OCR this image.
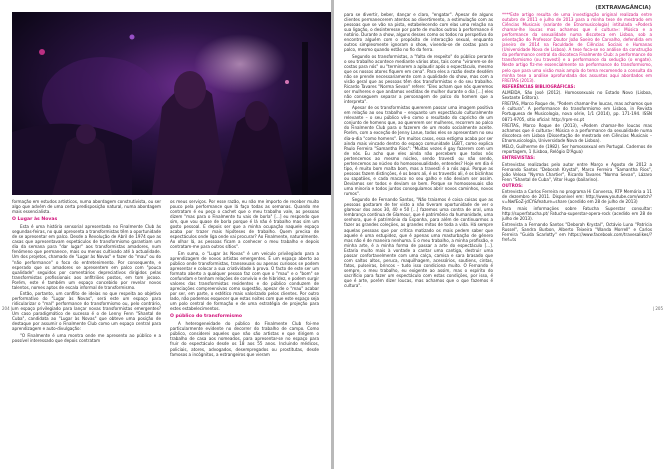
formação em estudos artísticos, numa abordagem construtivista, ou ser algo que advém de uma certa predisposição natural, numa abordagem mais essencialista.

O Lugar às Novas

Esta é uma história sensorial apresentada no Finalmente Club às segundas-feiras, no qual apresenta a transformistas têm a oportunidade de se apresentar em palco. Desde a Revolução de Abril de 1974 que as casas que apresentavam espetáculos de transformismo garantiam um dia da semana para "dar lugar" aos transformistas amadores, num fenómeno que permanece, mais ou menos cultivado até à actualidade. Um dos projetos, chamado de "Lugar às Novas" e fazer do "mau" ou do "não performance" o foco do entretenimento. Por consequente, e esperado que os amadores se apresentem em palco com "pouca qualidade" seguidos por comentários depreciativos dirigidos pelas transformistas profissionais aos anfitriões postos, em tom jocoso. Porém, este é também um espaço concebido por revelar novos talentos, nomes aptos de escala informal de transformismo.

Então, portanto, um conflito de ideias no que respeita ao objetivo performativo do "Lugar às Novas", será este um espaço para ridicularizar o "mal" performance do transformismo ou, pelo contrário, um espaço privilegiado para lançar novas transformistas emergentes? Um caso paradigmático de sucesso é o de Lenny Fenn "Shantal de Cuba", candidata ao "Lugar às Novas" que obteve uma posição de destaque por assumir o Finalmente Club como um espaço central para aprendizagem e auto-divulgação:

"O Finalmente é uma montra onde me apresento ao público e a possível interessado que depois contratam

os meus serviços. Por esse razão, eu não me importo de receber muito pouco pela performance que lá faço todas as semanas. Quando me contratam é eu peço o cachet que o meu trabalho vale, as pessoas dizem "mas para o Finalmente tu vais de borla" [...] eu respondo que sim, que vou quase de borla porque é lá não é trabalho mas sim um gosto pessoal. E depois ser que a minha ocupação naquele espaço acaba por trazer mais hipóteses de trabalho. Quem precisa de espectáculos onde liga onde vai procurar? Ao Finalmente, naturalmente. Ao olhar lá, as pessoas ficam a conhecer o meu trabalho e depois contratam-me para outros sítios".

Em suma, o "Lugar às Novas" é um veículo privilegiado para a aprendizagem de novos artistas emergentes. É um espaço aberto ao público onde transformistas, transexuais ou apenas curiosos se podem apresentar e colocar a sua criatividade à prova. O facto de este ser um formato aberto a qualquer pessoa faz com que o "mau" e o "bom" se confundam e tenham relações de convívio e de hibridez, e podem surgir valores das transformistas residentes e do público conduzem de apreciações compreensivas como sugestão, apesar de o "mau" acabar por ser, em parte, o estético mais valorizado pelos clientes. Por outro lado, não podemos esquecer que estas noites com que este espaço seja um polo central de formação e de uma estratégia de projeção para estes estabelecimentos.

O público do transformismo

A heterogeneidade do público do Finalmente Club foi-me particularmente evidente no decorrer do trabalho de campo. Como público, considerei aqueles que não são artistas e que dirigem o trabalho de casa aos nomeados, para apresentar-se no espaço para fruir do espectáculo desde os 18 aos 55 anos. Incluindo médicos, policiais, atores, advogados, desempregados ou prostitutas, desde famosos a incógnitos, a estrangeiros que vieram

204 |
(EXTRAVAGÂNCIA)

para se divertir, beber, dançar e claro, "engatar". Apesar de alguns clientes permanecerem atentos ao divertimento, a estimulação com as pessoas que se vão na pista, estabelecendo com elas uma relação na sua ligação, o desinteresse por parte de muitos outros à performance é notório. Durante a show, alguns desses como os todos na perspetiva do encontro alguém com o propósito de interacção sexual, enquanto outros simplesmente ignoram o show, vivendo-se de costas para o palco, mesmo quando estão no fio da ferra.

Segundo os transformistas, a "falta de respeito" do público perante o seu trabalho acontece mediante vários atos, tais como "virarem-se de costas para nós" ou "terminarem a aplaudir após o espectáculo, mesmo que os nossos atores fiquem em cena". Para eles a razão deste desdém não se prende necessariamente com a qualidade do show, mas com a visão geral que as pessoas têm dos transformistas e do seu trabalho. Ricardo Tavares "Norma Sevan" refere: "Eles acham que nós queremos ser mulheres e que andamos vestidas de mulher durante o dia [...] eles não conseguem separar a personagem de palco do homem que a interpreta".

Apesar de os transformistas quererem passar uma imagem positiva em relação ao seu trabalho – enquanto um espectáculo culturalmente relevante – o seu público vê-o como o resultado do capricho de um conjunto de homens que, ao quererem ser mulheres, recorrem ao palco do Finalmente Club para o fazerem de um modo socialmente aceite. Porém, com a exceção de Jenny Larue, todos eles se apresentam no seu dia-a-dia "como homens". Em muitos casos, essa estigma acaba por ser ainda mais vincado dentro do espaço comunidade LGBT, como explica Paulo Ferreira "Samantha Rios": "Muitas vezes é gay fazerem com um de nós. Eu acho que eles ainda não percebem que todos nós pertencemos ao mesmo núcleo, sendo travesti ou não sendo, pertencemos ao núcleo do homossexualidade, entendes? Hoje em dia é tipo, é muito bom malta bom, mas a travesti é a nós aqui. Porque as pessoas fazem distinções, é os bears ali, é os travestis ali, é os biclinhas ou sapatões, e cada macaco no seu galho e não deviam ser assim. Devíamos ser todos e deviam se bem. Porque se homossexuais são uma minoria e todos juntos conseguíamos abrir novos caminhos, novos rumos".

Segundo de Fernando Santos, "Não traiamos é coisa coisas que as pessoas gostaram de ter visto a não tiveram oportunidade de ver o glamour dos anos 30, 40 e 50 [...] fazemos uma contra de oral, uma lembrança contínua de Glamour, que é patrimônio da humanidade, uma senhora, que é património da Espanha, para além de continuarmos a fazer as grandes coleções, as grandes mitos de toda a vida. Há sempre aquelas pessoas que por crítica matizado os mais pedem saber que aquele é uma estupidez, que é apenas uma masturbação de género mas não é de maneira nenhuma. E o meu trabalho, a minha profissão, e minha arte, é a minha forma de passar a arte do espectáculo [...]. Estaria muito mais à vontade a cantar uma cantiga, destruir uma passar confortavelmente com uma calça, camisa e sara brasado que com saltos altos, peruca, maquilhagem, acessórios, soutiens, cintas, fatos, pulseiras, brincos – tudo isso condiciona muito. O Fernando é sempre, o meu trabalho, eu exigente ao assim, mas o espírito do sacrifício para fazer um espectáculo com estas condições, por isso, é que é arte, porém dizer loucas, mas achamos que o que fazemos é cultura".

****Este artigo resulta de uma investigação original realizada entre outubro de 2011 e julho de 2013 para a minha tese de mestrado em Ciências Musicais (variante de Etnomusicologia) intitulada «Poderá chamar-lhe loucas mas achamos que é cultura»: Música e a performance da sexualidade numa discoteca em Lisboa, sob a orientação do Professor Doutor João Soeiro de Carvalho, defendida em janeiro de 2014 na Faculdade de Ciências Sociais e Humanas (Universidade Nova de Lisboa). A tese foca-se no análise da construção da performance central da discoteca Finalmente Club: a performance do transformismo (ou travesti) e a performance da sedução (o engate). Neste artigo fiz-me essencialmente na performance do transformismo, pelo que para uma visão mais ampla do tema recomendo a consulta da minha tese a análise aprofundada dos assuntos aqui abordados em FREITAS (2013).

REFERÊNCIAS BIBLIOGRÁFICAS:

ALMEIDA, São José (2012). Homossexuais no Estado Novo (Lisboa, Sextante Editora).

FREITAS, Marco Roque de, "Podem chamar-lhe loucas, mas achamos que é cultura". A performance do transformismo em Lisboa, in Revista Portuguesa de Musicologia, nova série, 1/1 (2014), pp. 171-194. ISSN 0871-9705, sítio oficial: http://rpm-ns.pt

FREITAS, Marco Roque de (2013), «Podem chamar-lhe loucas mas achamos que é cultura»: Música e a performance da sexualidade numa discoteca em Lisboa (Dissertação de mestrado em Ciências Musicais – Etnomusicologia, Universidade Nova de Lisboa).

MELO, Guilherme de (1982). Ser homossexual em Portugal. Cadernos de reportagem, 1 (Lisboa, Relógio D'Água)

ENTREVISTAS:

Entrevistas realizadas pelo autor entre Março e Agosto de 2012 a Fernando Santos "Deborah Krystal", Marco Ferreira "Samantha Rios", João Velosa "Nyrma Chartier", Ricardo Tavares "Norma Sevan", Lázaro Fenn "Shantal de Cuba", Vitor Hugo (bailarino).

OUTROS:

Entrevista a Carlos Ferreira no programa Hi Conversa, RTP Memória a 11 de dezembro de 2011. Disponível em: http://www.youtube.com/watch?v=NwfEoZ-jdCY&feature=share (acedido em 28 de julho de 2013)

Para mais informações sobre Fatucha Superstar consultar: http://superfatucha.pt/ Fatucha-superstar-opera-rock (acedido em 28 de julho de 2013).

Entrevista a Fernando Santos "Deborah Krystal", Octávio Luna "Patrícia Russel", Sandra Burbon, Alberto Teixeira "Wanda Morrell" e Carlos Ferreira "Guida Scarlotty" em https://www.facebook.com/travesalikes/?fref=ts

| 205
